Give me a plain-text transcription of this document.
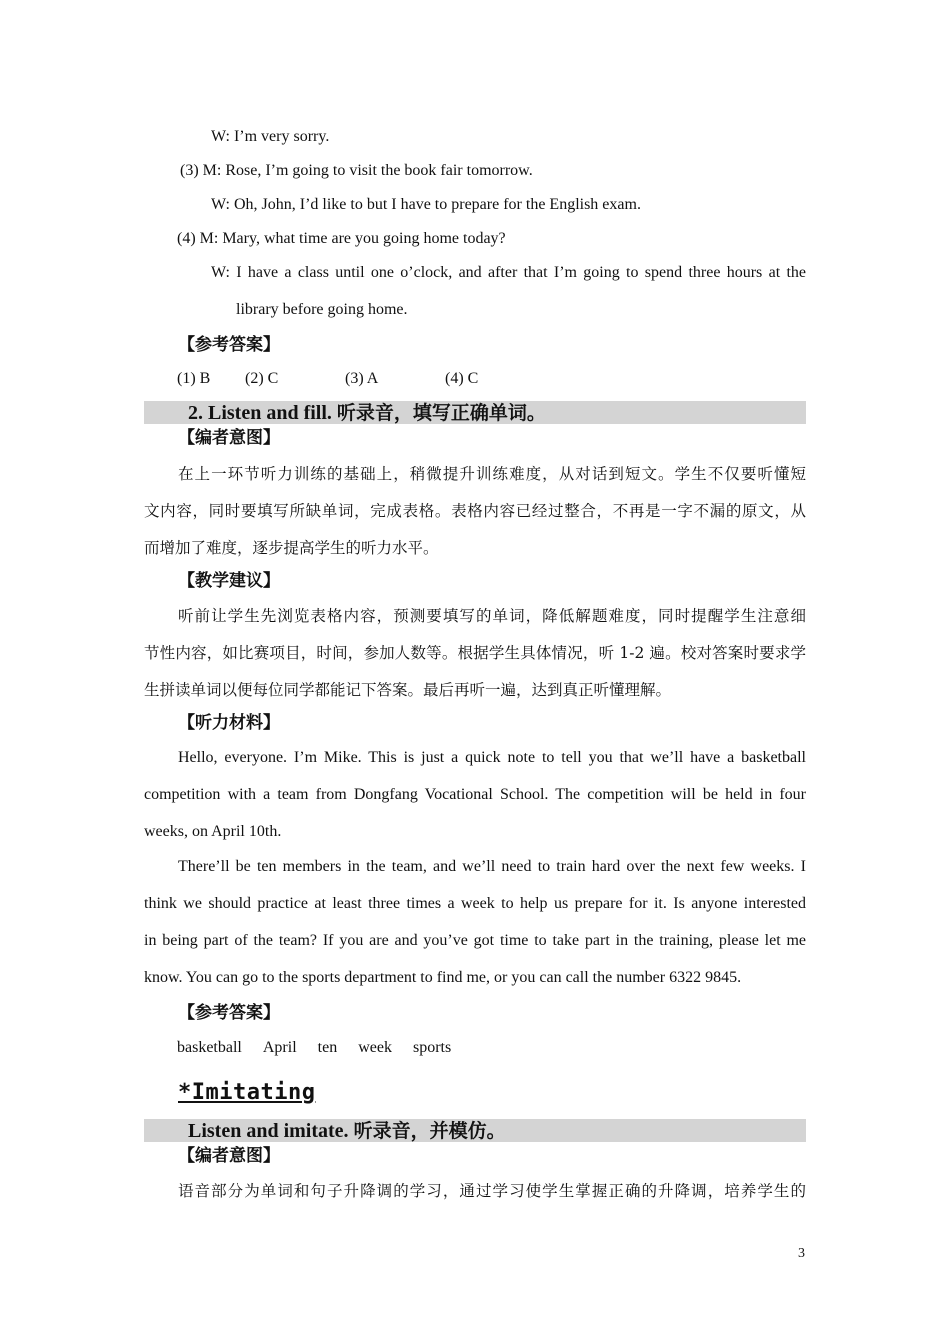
W: I’m very sorry.
(3) M: Rose, I’m going to visit the book fair tomorrow.
W: Oh, John, I’d like to but I have to prepare for the English exam.
(4) M: Mary, what time are you going home today?
W: I have a class until one o’clock, and after that I’m going to spend three hours at the
library before going home.
【参考答案】
(1) B (2) C	(3) A	(4) C
2. Listen and fill. 听录音，填写正确单词。
【编者意图】
在上一环节听力训练的基础上，稍微提升训练难度，从对话到短文。学生不仅要听懂短
文内容，同时要填写所缺单词，完成表格。表格内容已经过整合，不再是一字不漏的原文，从
而增加了难度，逐步提高学生的听力水平。
【教学建议】
听前让学生先浏览表格内容，预测要填写的单词，降低解题难度，同时提醒学生注意细
节性内容，如比赛项目，时间，参加人数等。根据学生具体情况，听 1-2 遍。校对答案时要求学
生拼读单词以便每位同学都能记下答案。最后再听一遍，达到真正听懂理解。
【听力材料】
Hello, everyone. I’m Mike. This is just a quick note to tell you that we’ll have a basketball
competition with a team from Dongfang Vocational School. The competition will be held in four
weeks, on April 10th.
There’ll be ten members in the team, and we’ll need to train hard over the next few weeks. I
think we should practice at least three times a week to help us prepare for it. Is anyone interested
in being part of the team? If you are and you’ve got time to take part in the training, please let me
know. You can go to the sports department to find me, or you can call the number 6322 9845.
【参考答案】
basketball April ten week sports
*Imitating
Listen and imitate. 听录音，并模仿。
【编者意图】
语音部分为单词和句子升降调的学习，通过学习使学生掌握正确的升降调，培养学生的
3
